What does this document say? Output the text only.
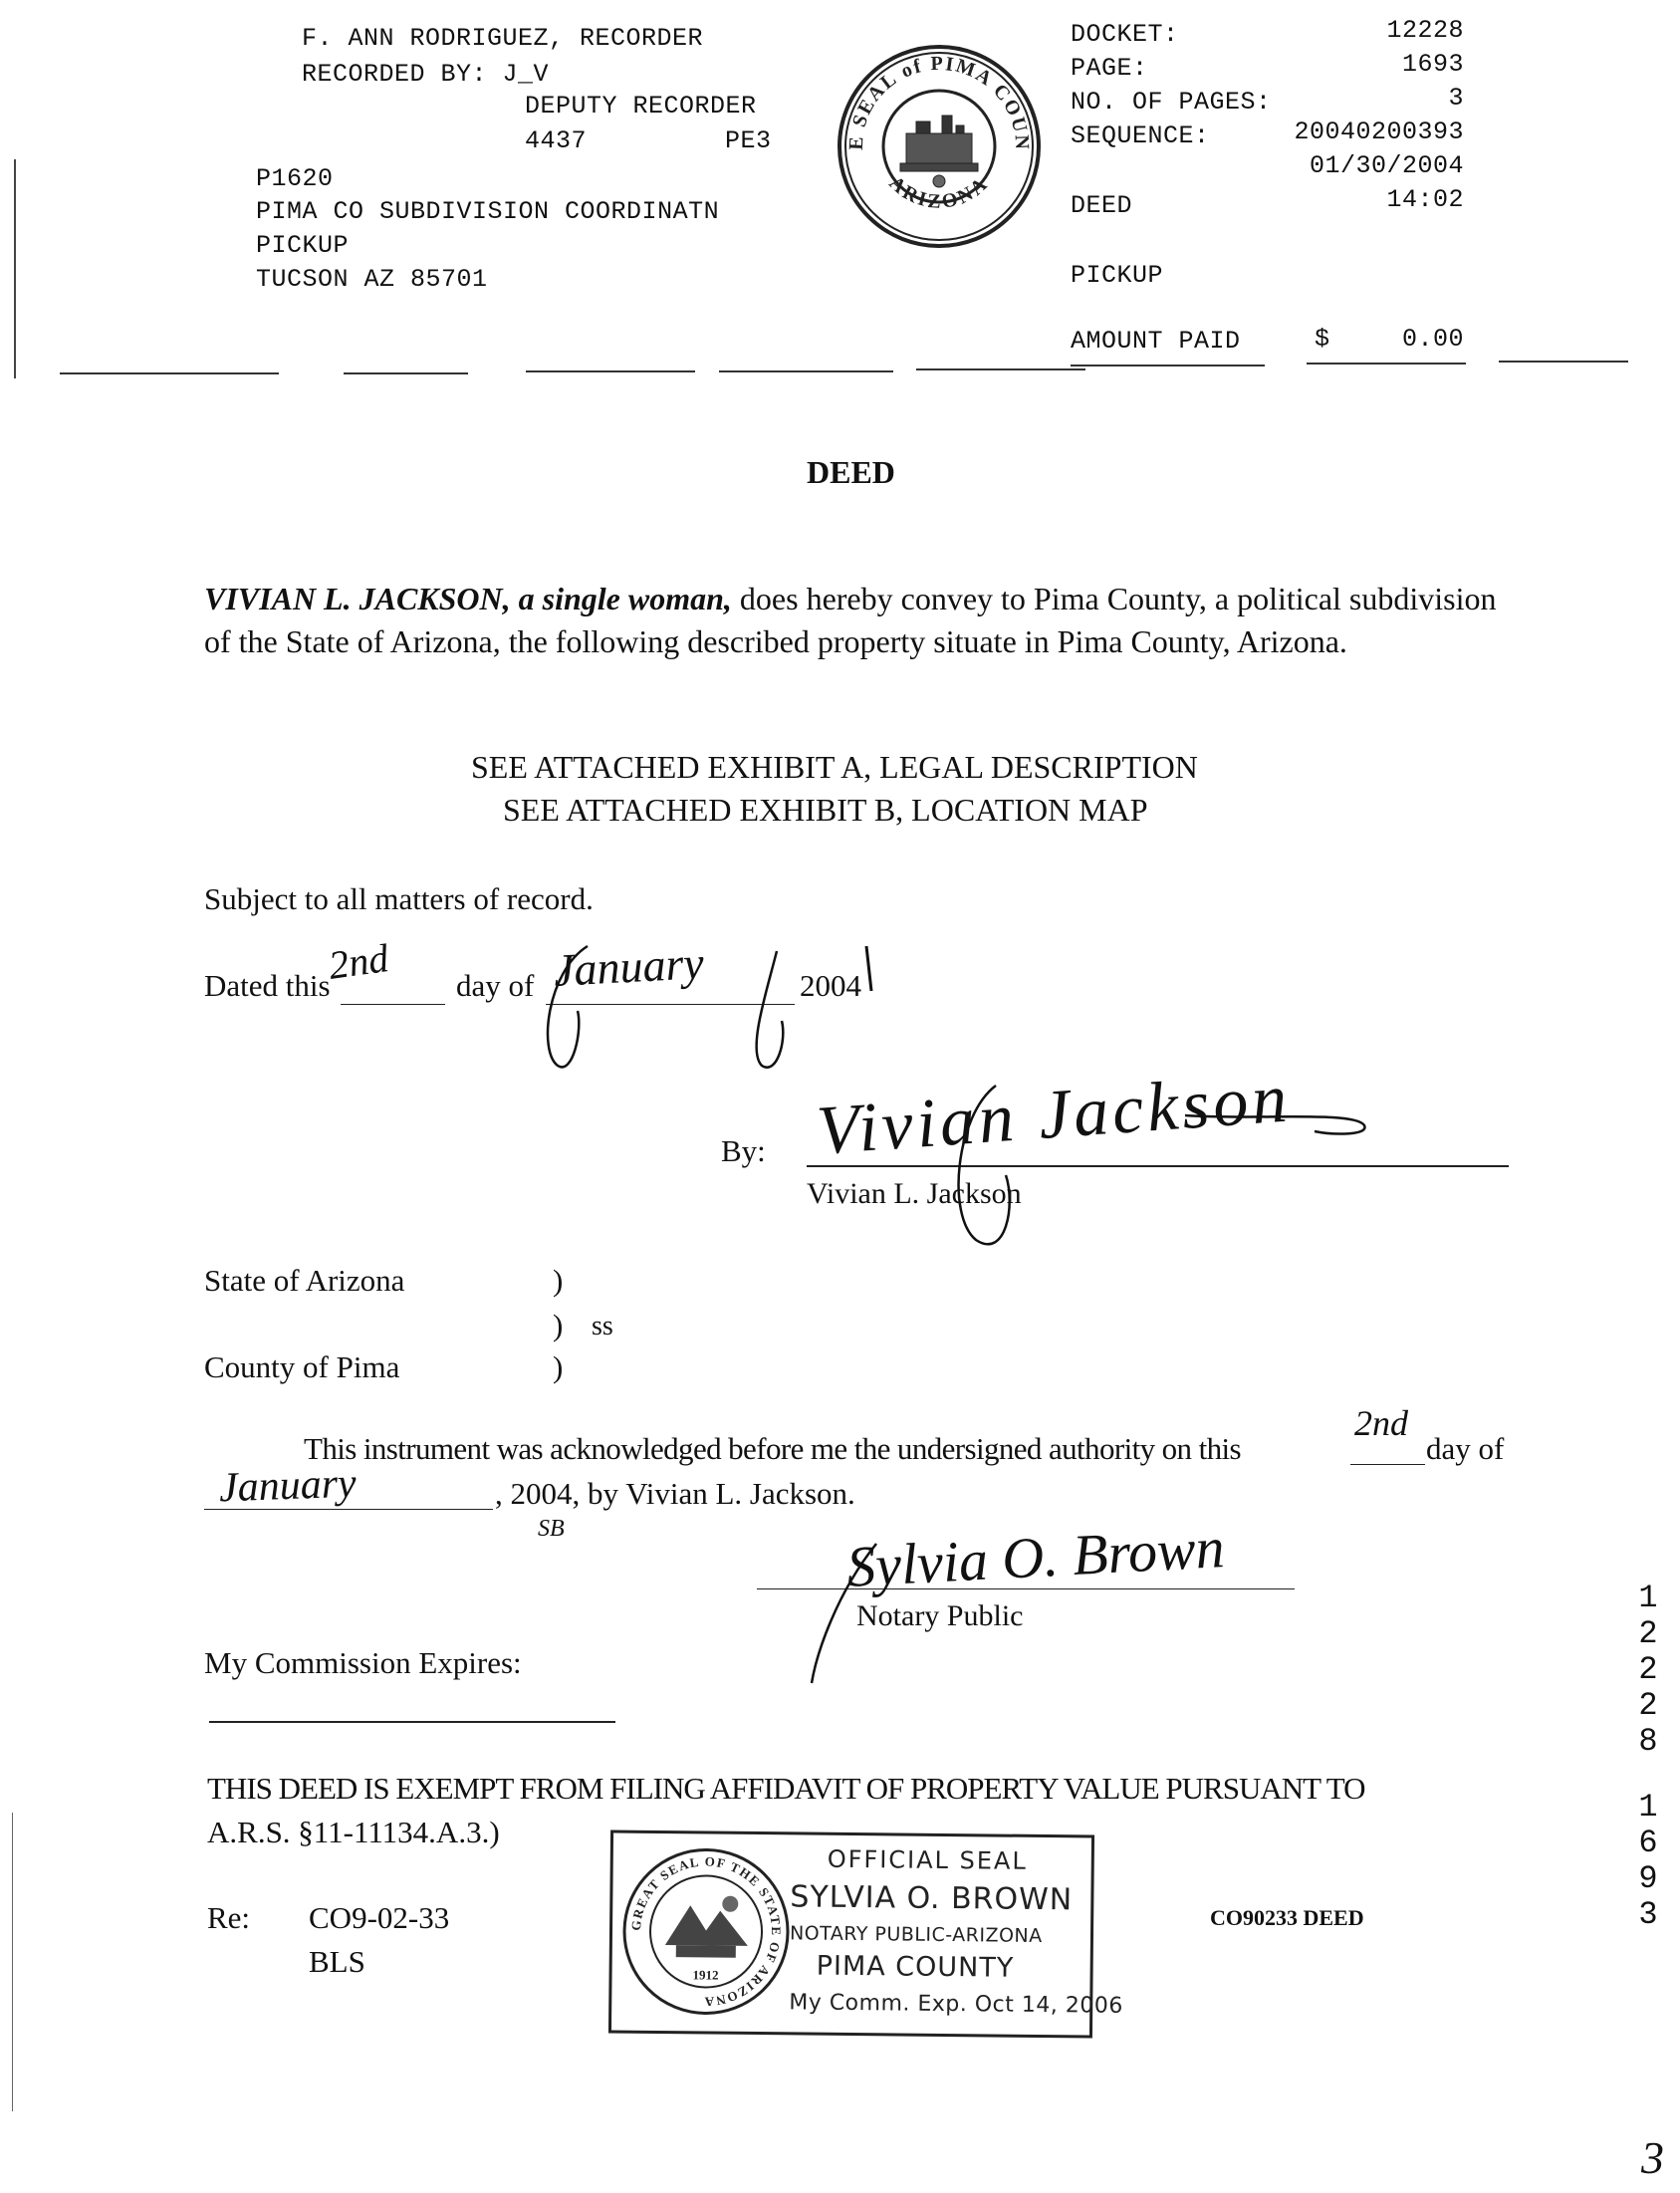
F. ANN RODRIGUEZ, RECORDER
RECORDED BY: J_V
DEPUTY RECORDER
4437	PE3
P1620
PIMA CO SUBDIVISION COORDINATN
PICKUP
TUCSON AZ 85701
E SEAL of PIMA COUN
ARIZONA
DOCKET:	12228
PAGE:	1693
NO. OF PAGES:	3
SEQUENCE:	20040200393
01/30/2004
DEED	14:02
PICKUP
AMOUNT PAID	$	0.00
DEED
VIVIAN L. JACKSON, a single woman, does hereby convey to Pima County, a political subdivision
of the State of Arizona, the following described property situate in Pima County, Arizona.
SEE ATTACHED EXHIBIT A, LEGAL DESCRIPTION
SEE ATTACHED EXHIBIT B, LOCATION MAP
Subject to all matters of record.
Dated this
2nd day of January	2004
By: Vivian Jackson
Vivian L. Jackson
State of Arizona	)
) ss
County of Pima	)
This instrument was acknowledged before me the undersigned authority on this
2nd
day of
January	, 2004, by Vivian L. Jackson.
SB	Sylvia O. Brown
Notary Public
My Commission Expires:
THIS DEED IS EXEMPT FROM FILING AFFIDAVIT OF PROPERTY VALUE PURSUANT TO
A.R.S. §11-11134.A.3.)
Re: CO9-02-33
BLS
CO90233 DEED
GREAT SEAL OF THE STATE OF ARIZONA
1912
OFFICIAL SEAL
SYLVIA O. BROWN
NOTARY PUBLIC-ARIZONA
PIMA COUNTY
My Comm. Exp. Oct 14, 2006
1
2
2
2
8
1
6
9
3
3
